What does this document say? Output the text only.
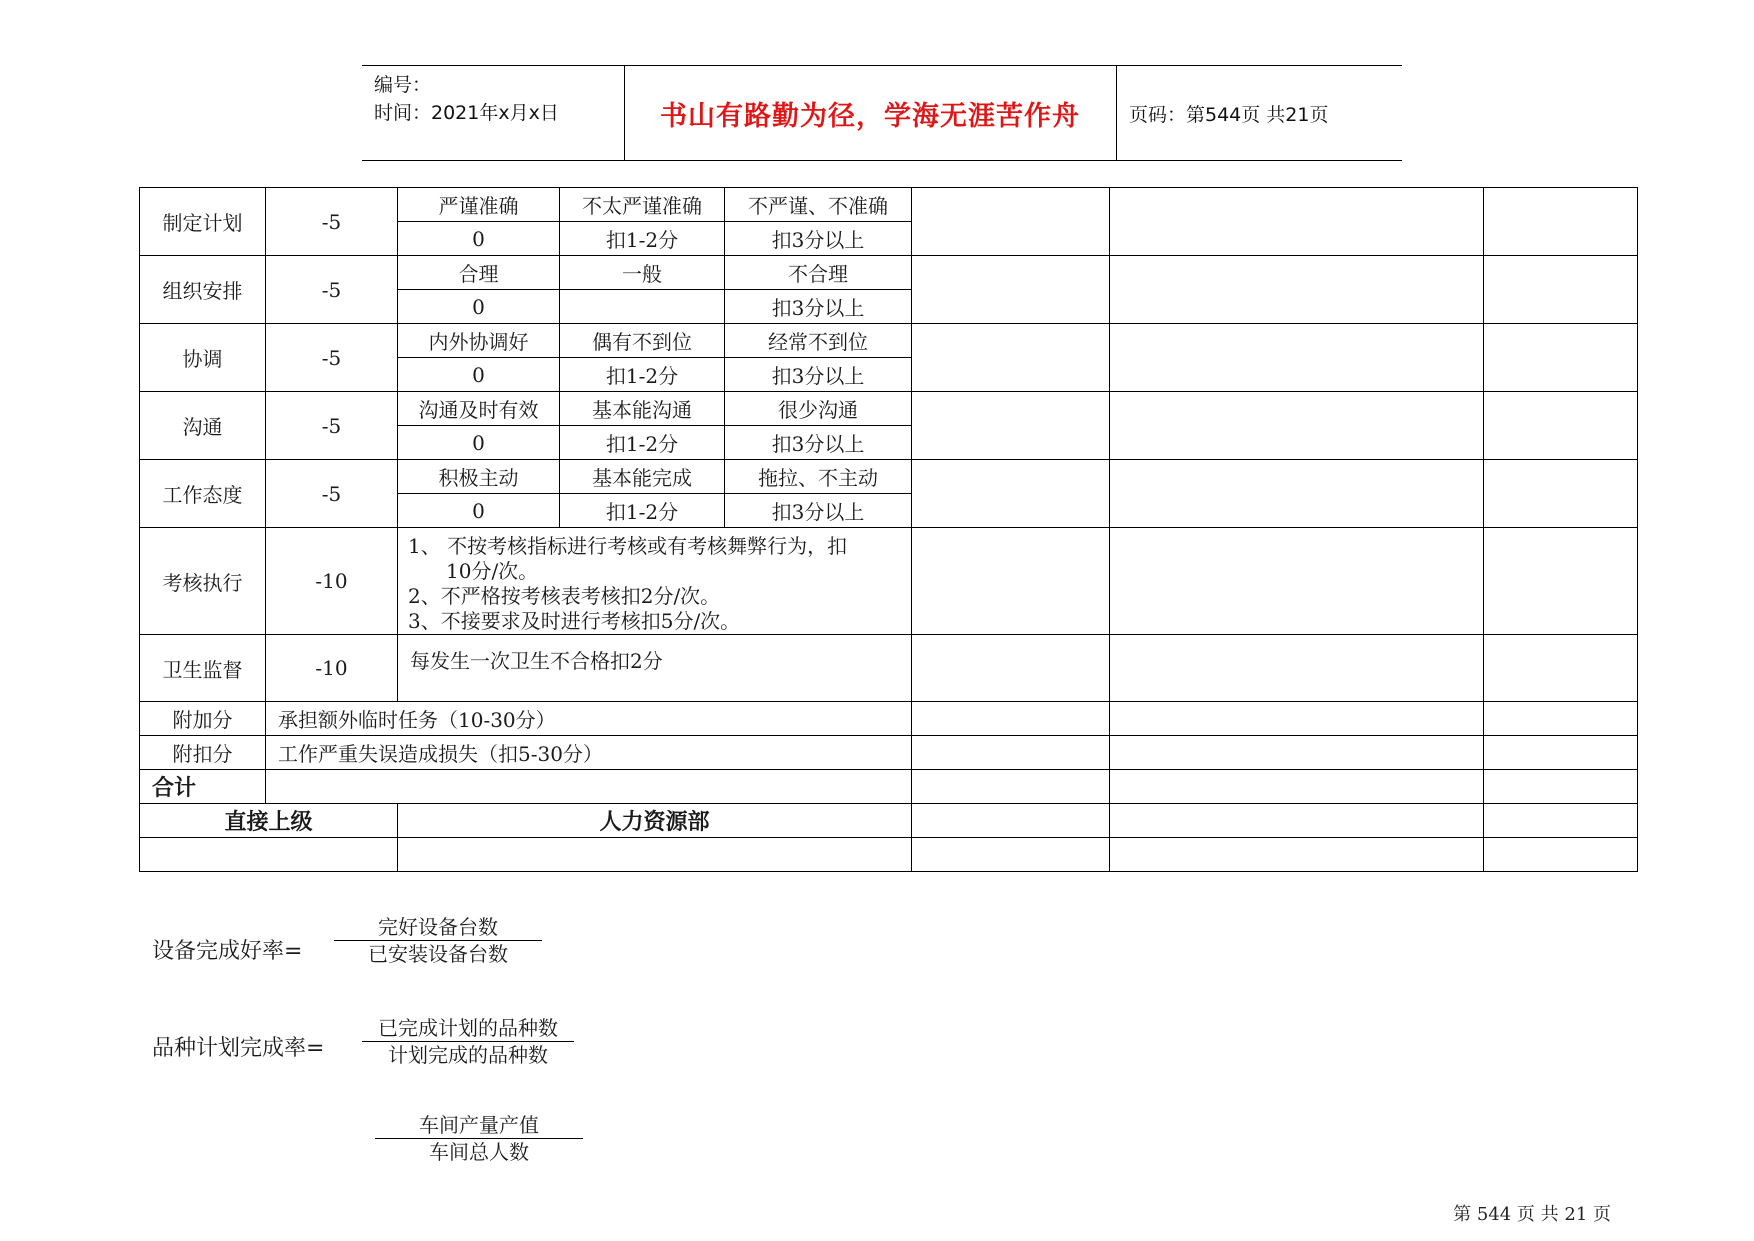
编号：
时间：2021年x月x日	书山有路勤为径，学海无涯苦作舟	页码：第544页 共21页
制定计划	-5	严谨准确	不太严谨准确	不严谨、不准确			
		0	扣1-2分	扣3分以上			
组织安排	-5	合理	一般	不合理			
		0		扣3分以上			
协调	-5	内外协调好	偶有不到位	经常不到位			
		0	扣1-2分	扣3分以上			
沟通	-5	沟通及时有效	基本能沟通	很少沟通			
		0	扣1-2分	扣3分以上			
工作态度	-5	积极主动	基本能完成	拖拉、不主动			
		0	扣1-2分	扣3分以上			
考核执行	-10	1、 不按考核指标进行考核或有考核舞弊行为，扣
10分/次。
2、不严格按考核表考核扣2分/次。
3、不接要求及时进行考核扣5分/次。					

卫生监督	-10	每发生一次卫生不合格扣2分					
附加分	承担额外临时任务（10-30分）						
附扣分	工作严重失误造成损失（扣5-30分）						
合计							
直接上级		人力资源部					

设备完成好率=
完好设备台数
已安装设备台数
品种计划完成率=
已完成计划的品种数
计划完成的品种数
车间产量产值
车间总人数
第 544 页 共 21 页
